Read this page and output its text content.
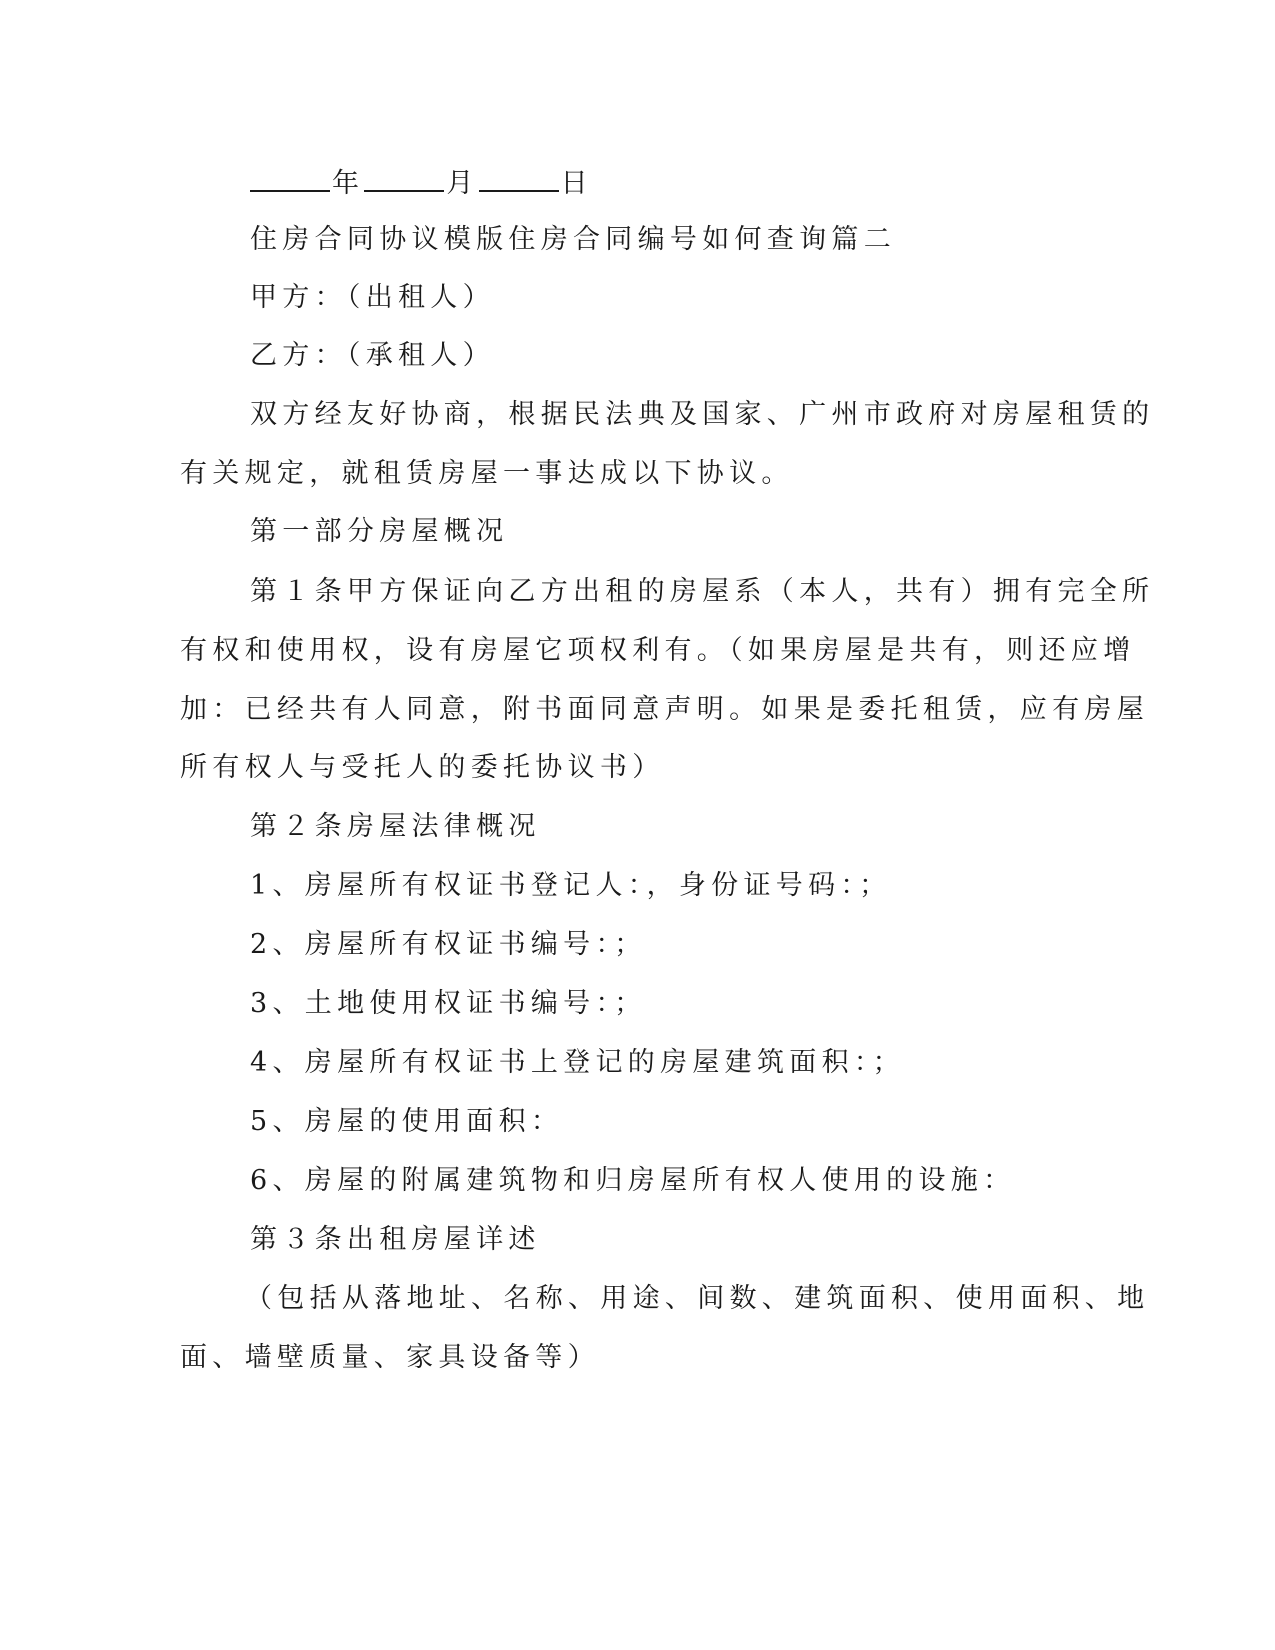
年	月	日
住房合同协议模版住房合同编号如何查询篇二
甲方：（出租人）
乙方：（承租人）
双方经友好协商，根据民法典及国家、广州市政府对房屋租赁的
有关规定，就租赁房屋一事达成以下协议。
第一部分房屋概况
第１条甲方保证向乙方出租的房屋系（本人，共有）拥有完全所
有权和使用权，设有房屋它项权利有。（如果房屋是共有，则还应增
加：已经共有人同意，附书面同意声明。如果是委托租赁，应有房屋
所有权人与受托人的委托协议书）
第２条房屋法律概况
1、房屋所有权证书登记人：，身份证号码：；
2、房屋所有权证书编号：；
3、土地使用权证书编号：；
4、房屋所有权证书上登记的房屋建筑面积：；
5、房屋的使用面积：
6、房屋的附属建筑物和归房屋所有权人使用的设施：
第３条出租房屋详述
（包括从落地址、名称、用途、间数、建筑面积、使用面积、地
面、墙壁质量、家具设备等）
